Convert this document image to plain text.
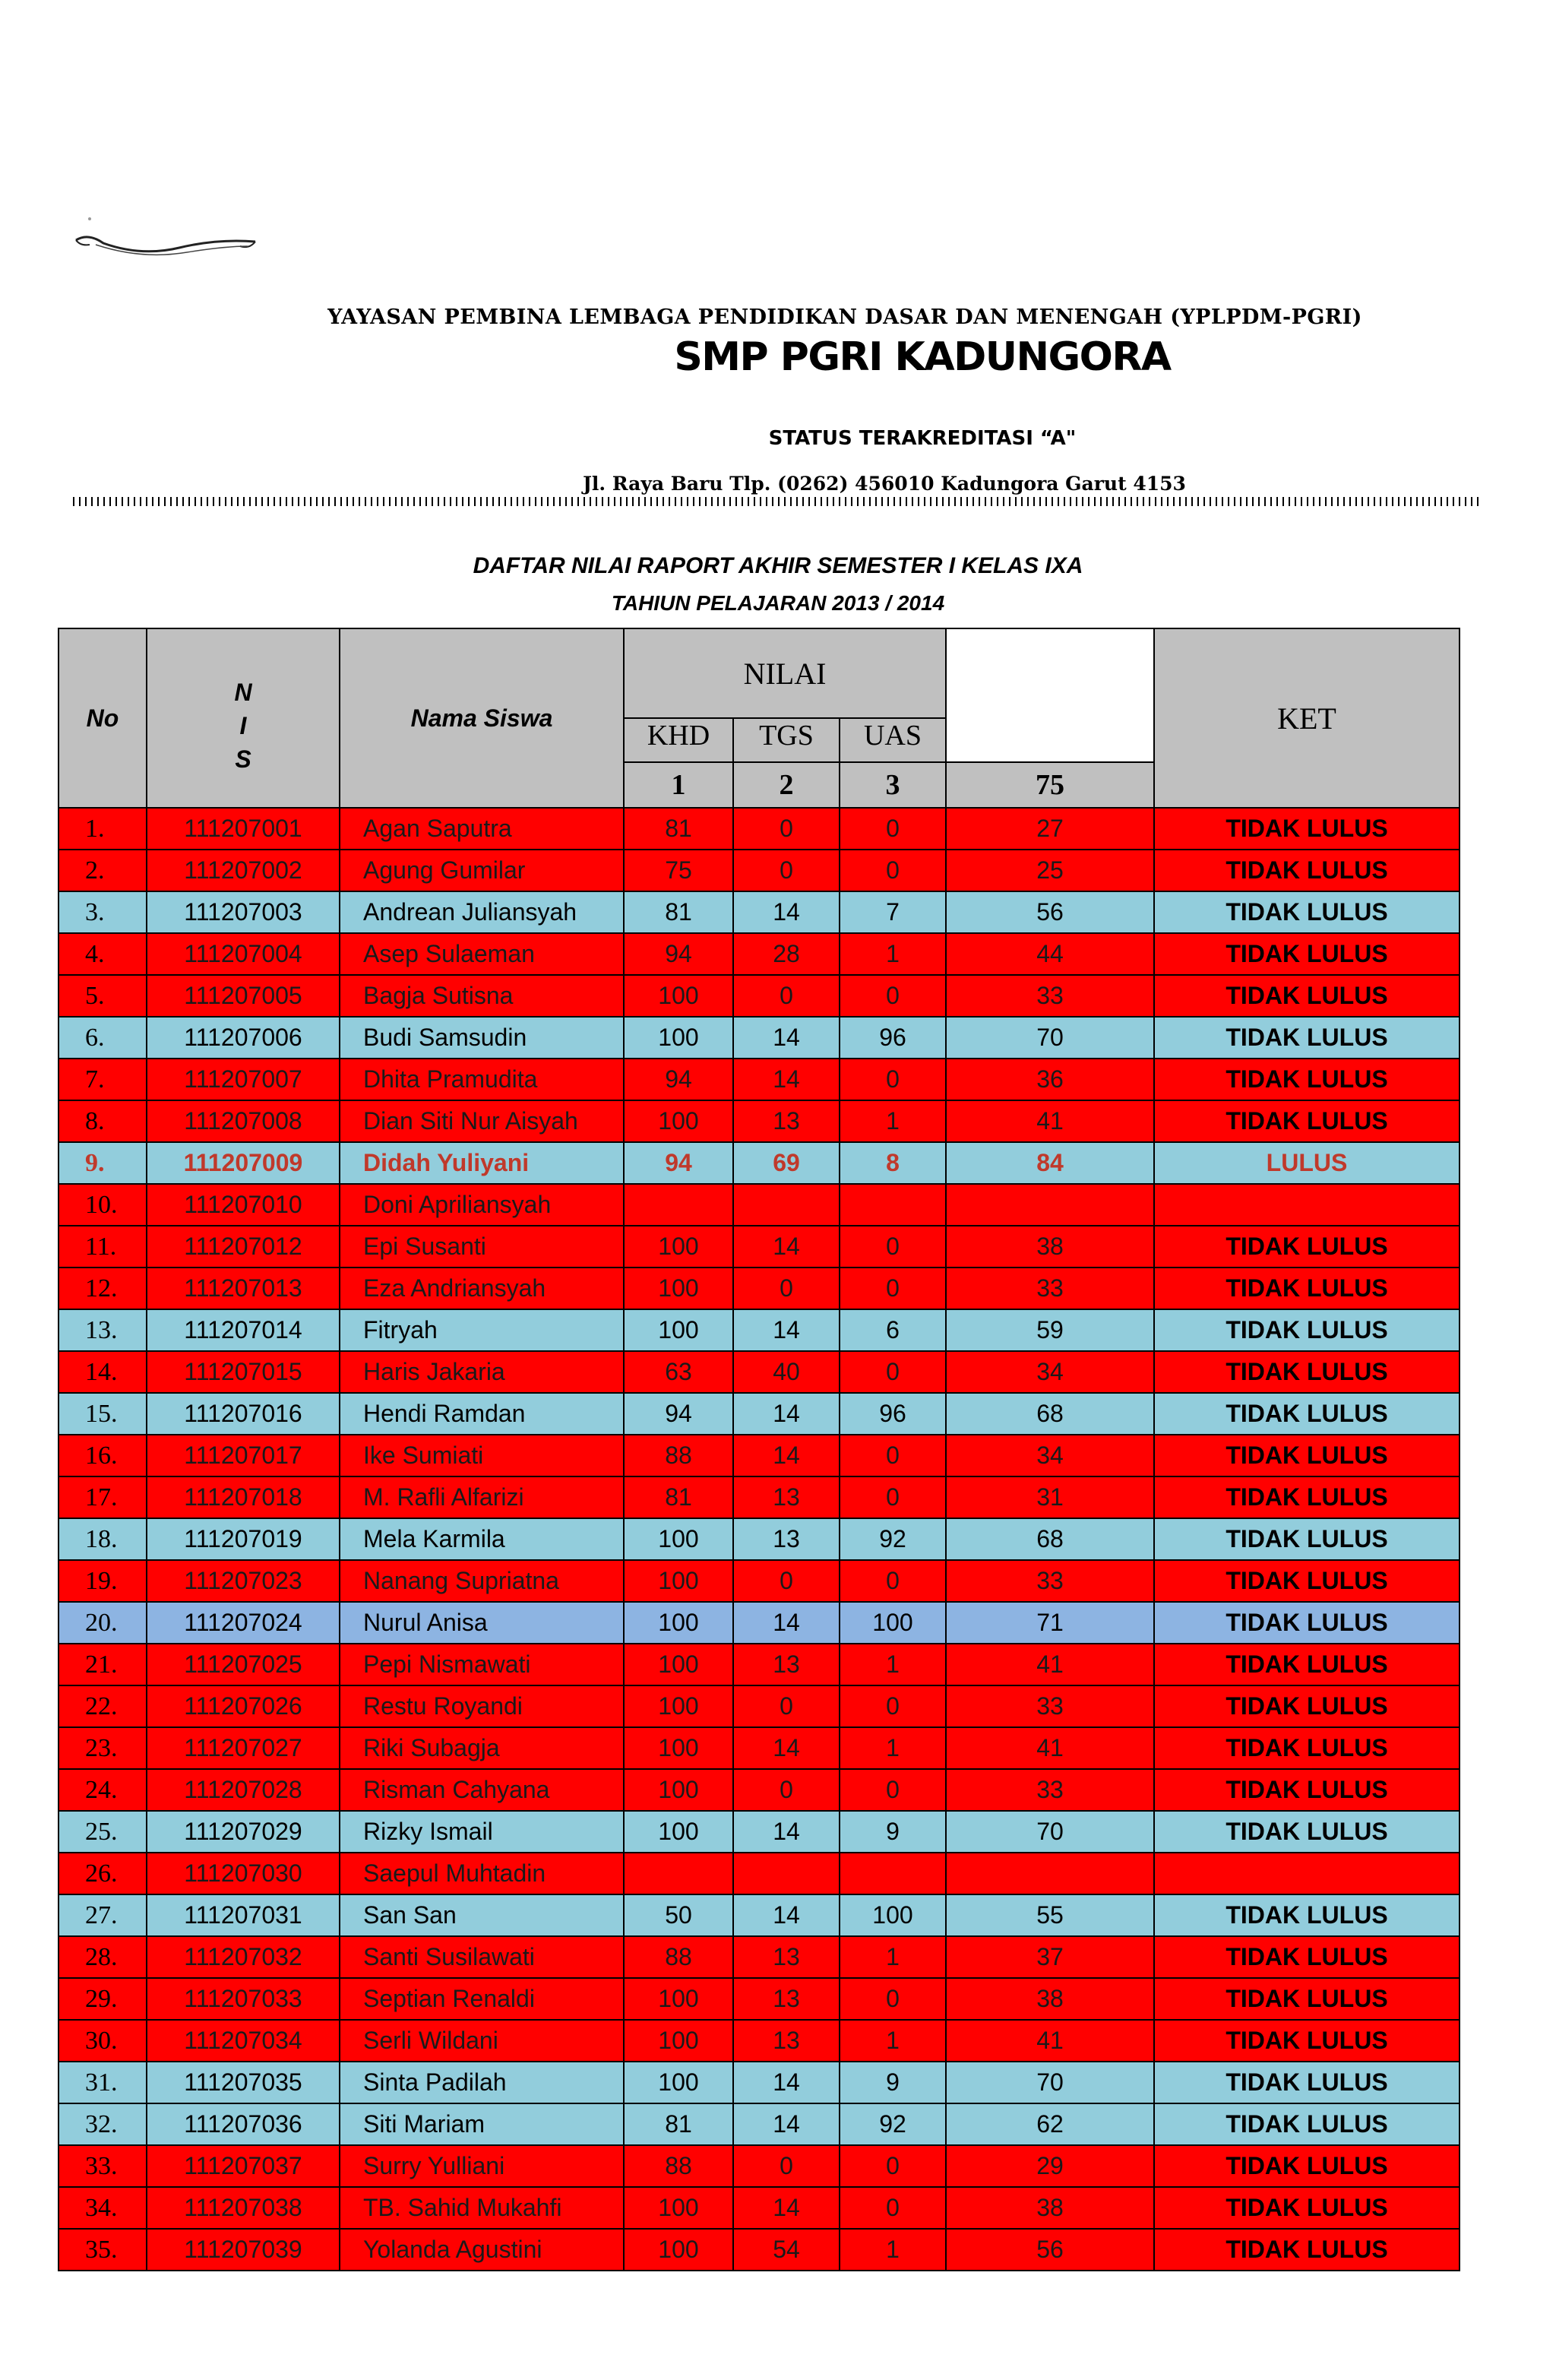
YAYASAN PEMBINA LEMBAGA PENDIDIKAN DASAR DAN MENENGAH (YPLPDM-PGRI)
SMP PGRI KADUNGORA
STATUS TERAKREDITASI “A"
Jl. Raya Baru Tlp. (0262) 456010 Kadungora Garut 4153
DAFTAR NILAI RAPORT AKHIR SEMESTER I KELAS IXA
TAHIUN PELAJARAN 2013 / 2014
No	N
I
S	Nama Siswa	NILAI				KET
			KHD	TGS	UAS		
			1	2	3	75	
1.	111207001	Agan Saputra	81	0	0	27	TIDAK LULUS
2.	111207002	Agung Gumilar	75	0	0	25	TIDAK LULUS
3.	111207003	Andrean Juliansyah	81	14	7	56	TIDAK LULUS
4.	111207004	Asep Sulaeman	94	28	1	44	TIDAK LULUS
5.	111207005	Bagja Sutisna	100	0	0	33	TIDAK LULUS
6.	111207006	Budi Samsudin	100	14	96	70	TIDAK LULUS
7.	111207007	Dhita Pramudita	94	14	0	36	TIDAK LULUS
8.	111207008	Dian Siti Nur Aisyah	100	13	1	41	TIDAK LULUS
9.	111207009	Didah Yuliyani	94	69	8	84	LULUS
10.	111207010	Doni Apriliansyah					
11.	111207012	Epi Susanti	100	14	0	38	TIDAK LULUS
12.	111207013	Eza Andriansyah	100	0	0	33	TIDAK LULUS
13.	111207014	Fitryah	100	14	6	59	TIDAK LULUS
14.	111207015	Haris Jakaria	63	40	0	34	TIDAK LULUS
15.	111207016	Hendi Ramdan	94	14	96	68	TIDAK LULUS
16.	111207017	Ike Sumiati	88	14	0	34	TIDAK LULUS
17.	111207018	M. Rafli Alfarizi	81	13	0	31	TIDAK LULUS
18.	111207019	Mela Karmila	100	13	92	68	TIDAK LULUS
19.	111207023	Nanang Supriatna	100	0	0	33	TIDAK LULUS
20.	111207024	Nurul Anisa	100	14	100	71	TIDAK LULUS
21.	111207025	Pepi Nismawati	100	13	1	41	TIDAK LULUS
22.	111207026	Restu Royandi	100	0	0	33	TIDAK LULUS
23.	111207027	Riki Subagja	100	14	1	41	TIDAK LULUS
24.	111207028	Risman Cahyana	100	0	0	33	TIDAK LULUS
25.	111207029	Rizky Ismail	100	14	9	70	TIDAK LULUS
26.	111207030	Saepul Muhtadin					
27.	111207031	San San	50	14	100	55	TIDAK LULUS
28.	111207032	Santi Susilawati	88	13	1	37	TIDAK LULUS
29.	111207033	Septian Renaldi	100	13	0	38	TIDAK LULUS
30.	111207034	Serli Wildani	100	13	1	41	TIDAK LULUS
31.	111207035	Sinta Padilah	100	14	9	70	TIDAK LULUS
32.	111207036	Siti Mariam	81	14	92	62	TIDAK LULUS
33.	111207037	Surry Yulliani	88	0	0	29	TIDAK LULUS
34.	111207038	TB. Sahid Mukahfi	100	14	0	38	TIDAK LULUS
35.	111207039	Yolanda Agustini	100	54	1	56	TIDAK LULUS
